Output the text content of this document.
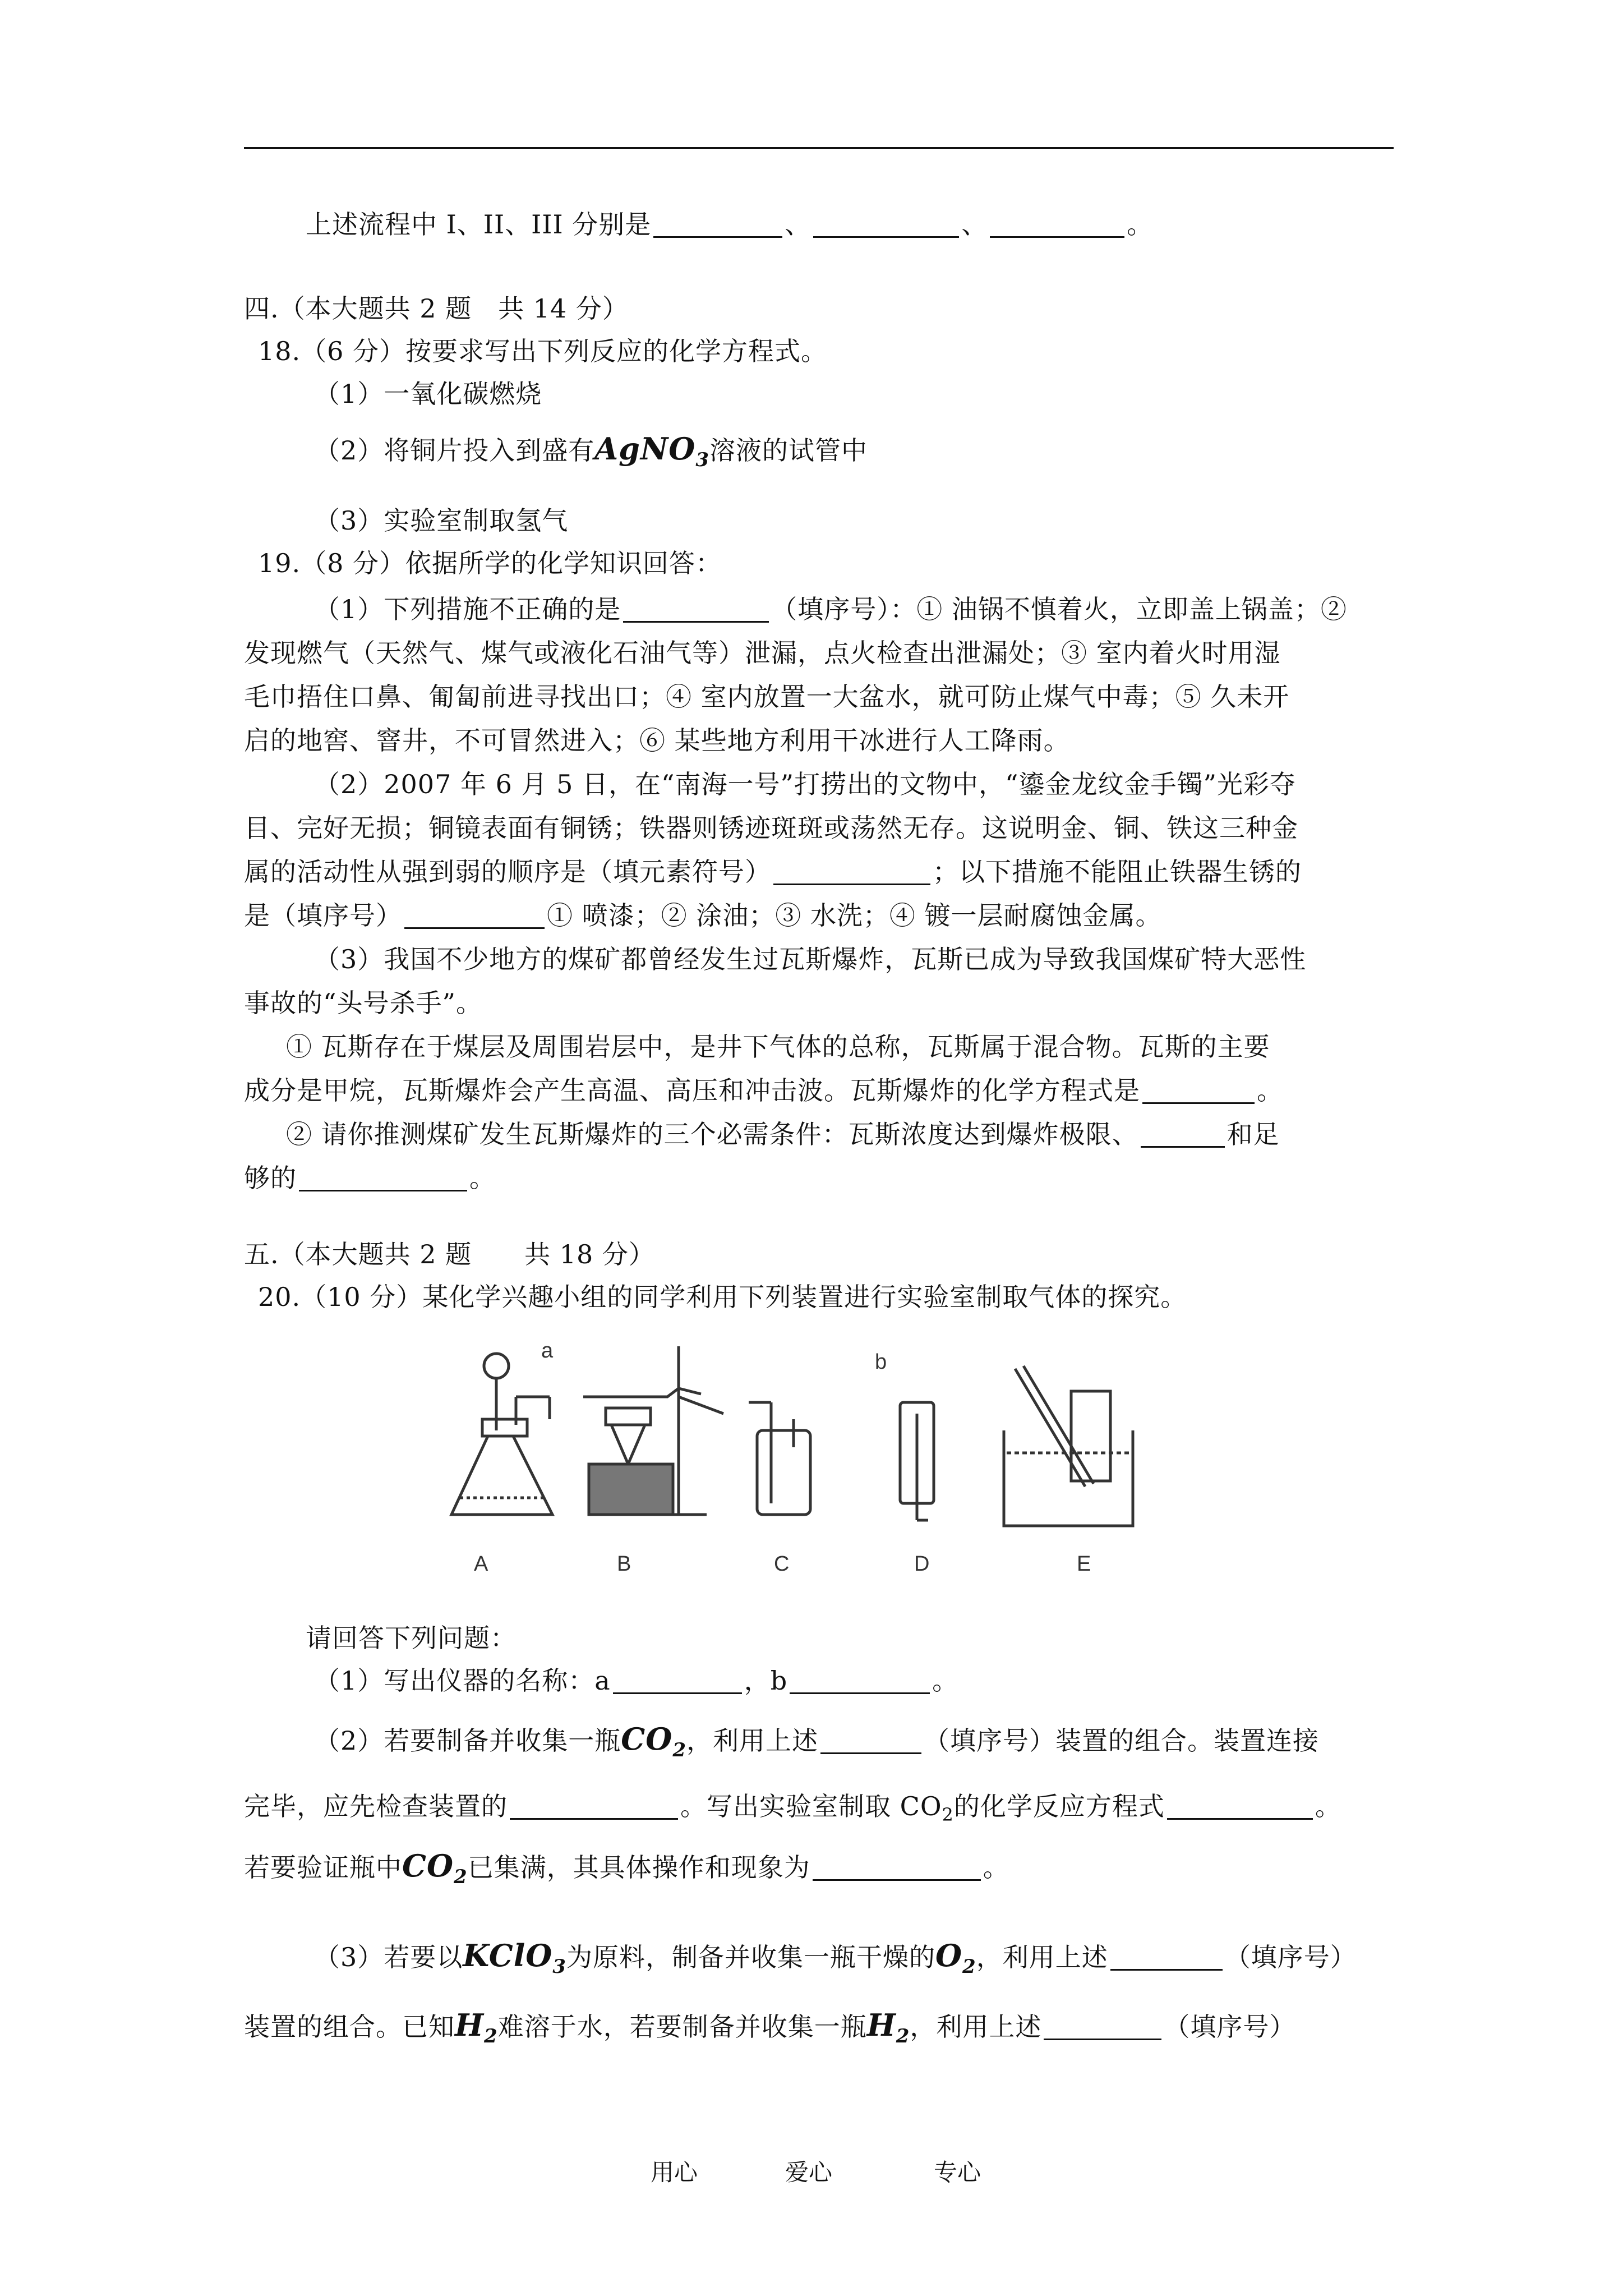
上述流程中 I、II、III 分别是	、	、	。
四.（本大题共 2 题　共 14 分）
18.（6 分）按要求写出下列反应的化学方程式。
（1）一氧化碳燃烧
（2）将铜片投入到盛有AgNO$_3$溶液的试管中
（3）实验室制取氢气
19.（8 分）依据所学的化学知识回答：
（1）下列措施不正确的是	（填序号）：① 油锅不慎着火，立即盖上锅盖；②
发现燃气（天然气、煤气或液化石油气等）泄漏，点火检查出泄漏处；③ 室内着火时用湿
毛巾捂住口鼻、匍匐前进寻找出口；④ 室内放置一大盆水，就可防止煤气中毒；⑤ 久未开
启的地窖、窨井，不可冒然进入；⑥ 某些地方利用干冰进行人工降雨。
（2）2007 年 6 月 5 日，在“南海一号”打捞出的文物中，“鎏金龙纹金手镯”光彩夺
目、完好无损；铜镜表面有铜锈；铁器则锈迹斑斑或荡然无存。这说明金、铜、铁这三种金
属的活动性从强到弱的顺序是（填元素符号）	；以下措施不能阻止铁器生锈的
是（填序号）	① 喷漆；② 涂油；③ 水洗；④ 镀一层耐腐蚀金属。
（3）我国不少地方的煤矿都曾经发生过瓦斯爆炸，瓦斯已成为导致我国煤矿特大恶性
事故的“头号杀手”。
① 瓦斯存在于煤层及周围岩层中，是井下气体的总称，瓦斯属于混合物。瓦斯的主要
成分是甲烷，瓦斯爆炸会产生高温、高压和冲击波。瓦斯爆炸的化学方程式是	。
② 请你推测煤矿发生瓦斯爆炸的三个必需条件：瓦斯浓度达到爆炸极限、	和足
够的	。
五.（本大题共 2 题　　共 18 分）
20.（10 分）某化学兴趣小组的同学利用下列装置进行实验室制取气体的探究。
a	b
A	B	C	D	E
请回答下列问题：
（1）写出仪器的名称：a	，b	。
（2）若要制备并收集一瓶$CO_2$，利用上述	（填序号）装置的组合。装置连接
完毕，应先检查装置的	。写出实验室制取 $CO_2$的化学反应方程式	。
若要验证瓶中$CO_2$已集满，其具体操作和现象为	。
（3）若要以KClO$_3$为原料，制备并收集一瓶干燥的$O_2$，利用上述	（填序号）
装置的组合。已知$H_2$难溶于水，若要制备并收集一瓶$H_2$，利用上述	（填序号）
用心	爱心	专心
